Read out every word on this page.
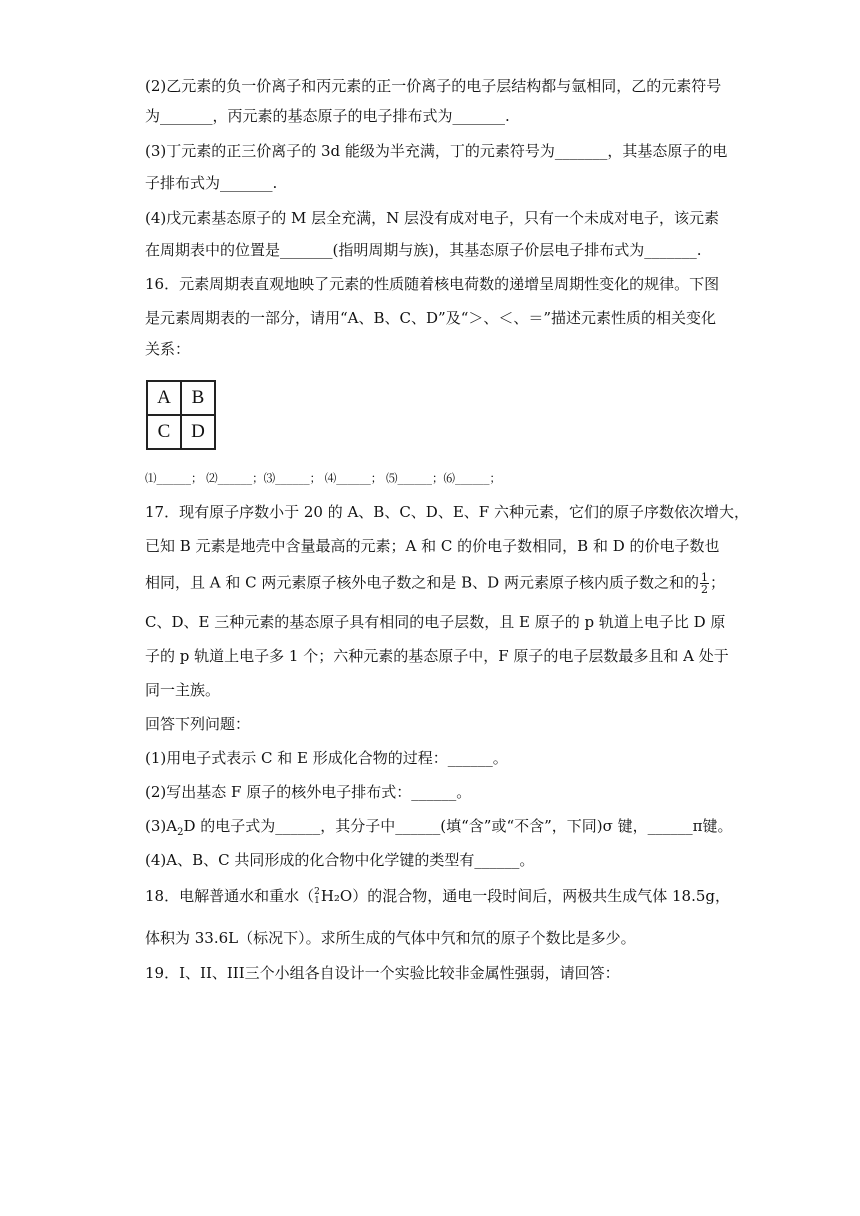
(2)乙元素的负一价离子和丙元素的正一价离子的电子层结构都与氩相同，乙的元素符号
为_______，丙元素的基态原子的电子排布式为_______.
(3)丁元素的正三价离子的 3d 能级为半充满，丁的元素符号为_______，其基态原子的电
子排布式为_______.
(4)戊元素基态原子的 M 层全充满，N 层没有成对电子，只有一个未成对电子，该元素
在周期表中的位置是_______(指明周期与族)，其基态原子价层电子排布式为_______.
16．元素周期表直观地映了元素的性质随着核电荷数的递增呈周期性变化的规律。下图
是元素周期表的一部分，请用“A、B、C、D”及“＞、＜、＝”描述元素性质的相关变化
关系：
A	B
C	D
⑴______； ⑵______；⑶______； ⑷______； ⑸______；⑹______；
17．现有原子序数小于 20 的 A、B、C、D、E、F 六种元素，它们的原子序数依次增大，
已知 B 元素是地壳中含量最高的元素；A 和 C 的价电子数相同，B 和 D 的价电子数也
相同，且 A 和 C 两元素原子核外电子数之和是 B、D 两元素原子核内质子数之和的 $\frac{1}{2}$ ；
C、D、E 三种元素的基态原子具有相同的电子层数，且 E 原子的 p 轨道上电子比 D 原
子的 p 轨道上电子多 1 个；六种元素的基态原子中，F 原子的电子层数最多且和 A 处于
同一主族。
回答下列问题：
(1)用电子式表示 C 和 E 形成化合物的过程：______。
(2)写出基态 F 原子的核外电子排布式：______。
$(3)A_2D$ 的电子式为______，其分子中______(填“含”或“不含”，下同)σ 键，______π键。
(4)A、B、C 共同形成的化合物中化学键的类型有______。
18．电解普通水和重水（ 2
1 H₂O）的混合物，通电一段时间后，两极共生成气体 18.5g，
体积为 33.6L（标况下）。求所生成的气体中氕和氘的原子个数比是多少。
19．I、II、III三个小组各自设计一个实验比较非金属性强弱，请回答：
